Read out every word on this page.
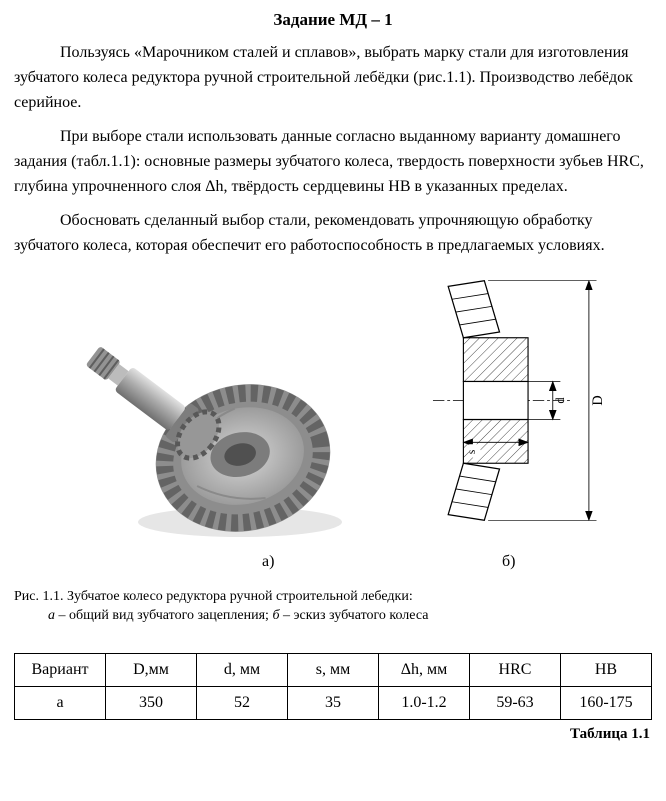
Задание МД – 1

Пользуясь «Марочником сталей и сплавов», выбрать марку стали для изготовления зубчатого колеса редуктора ручной строительной лебёдки (рис.1.1). Производство лебёдок серийное.

При выборе стали использовать данные согласно выданному варианту домашнего задания (табл.1.1): основные размеры зубчатого колеса, твердость поверхности зубьев HRC, глубина упрочненного слоя Δh, твёрдость сердцевины НВ в указанных пределах.

Обосновать сделанный выбор стали, рекомендовать упрочняющую обработку зубчатого колеса, которая обеспечит его работоспособность в предлагаемых условиях.

d D
s
а)	б)
Рис. 1.1. Зубчатое колесо редуктора ручной строительной лебедки:
а – общий вид зубчатого зацепления; б – эскиз зубчатого колеса
Вариант	D,мм	d, мм	s, мм	Δh, мм	HRC	НВ
а	350	52	35	1.0-1.2	59-63	160-175
Таблица 1.1
